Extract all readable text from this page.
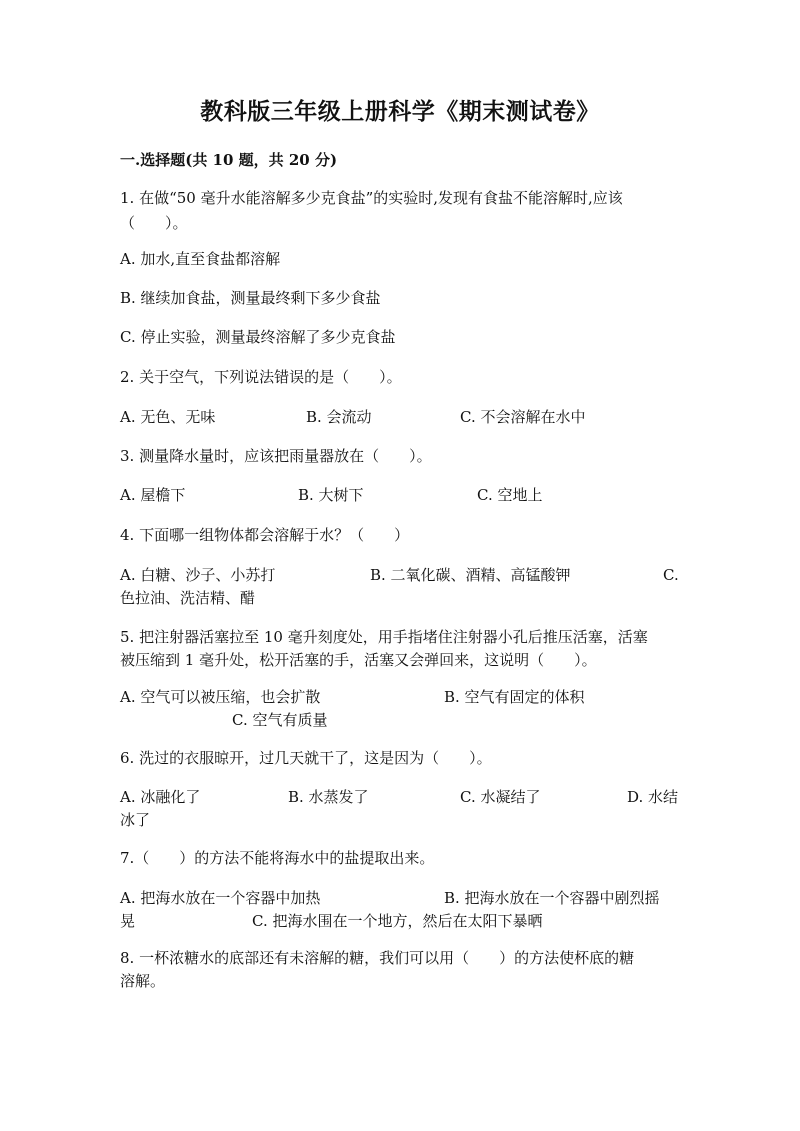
教科版三年级上册科学《期末测试卷》
一.选择题(共 10 题，共 20 分)
1. 在做“50 毫升水能溶解多少克食盐”的实验时,发现有食盐不能溶解时,应该
（　　）。
A. 加水,直至食盐都溶解
B. 继续加食盐，测量最终剩下多少食盐
C. 停止实验，测量最终溶解了多少克食盐
2. 关于空气，下列说法错误的是（　　）。
A. 无色、无味	B. 会流动	C. 不会溶解在水中
3. 测量降水量时，应该把雨量器放在（　　）。
A. 屋檐下	B. 大树下	C. 空地上
4. 下面哪一组物体都会溶解于水？（　　）
A. 白糖、沙子、小苏打	B. 二氧化碳、酒精、高锰酸钾	C.
色拉油、洗洁精、醋
5. 把注射器活塞拉至 10 毫升刻度处，用手指堵住注射器小孔后推压活塞，活塞
被压缩到 1 毫升处，松开活塞的手，活塞又会弹回来，这说明（　　）。
A. 空气可以被压缩，也会扩散	B. 空气有固定的体积
C. 空气有质量
6. 洗过的衣服晾开，过几天就干了，这是因为（　　）。
A. 冰融化了	B. 水蒸发了	C. 水凝结了	D. 水结
冰了
7.（　　）的方法不能将海水中的盐提取出来。
A. 把海水放在一个容器中加热	B. 把海水放在一个容器中剧烈摇
晃	C. 把海水围在一个地方，然后在太阳下暴晒
8. 一杯浓糖水的底部还有未溶解的糖，我们可以用（　　）的方法使杯底的糖
溶解。
